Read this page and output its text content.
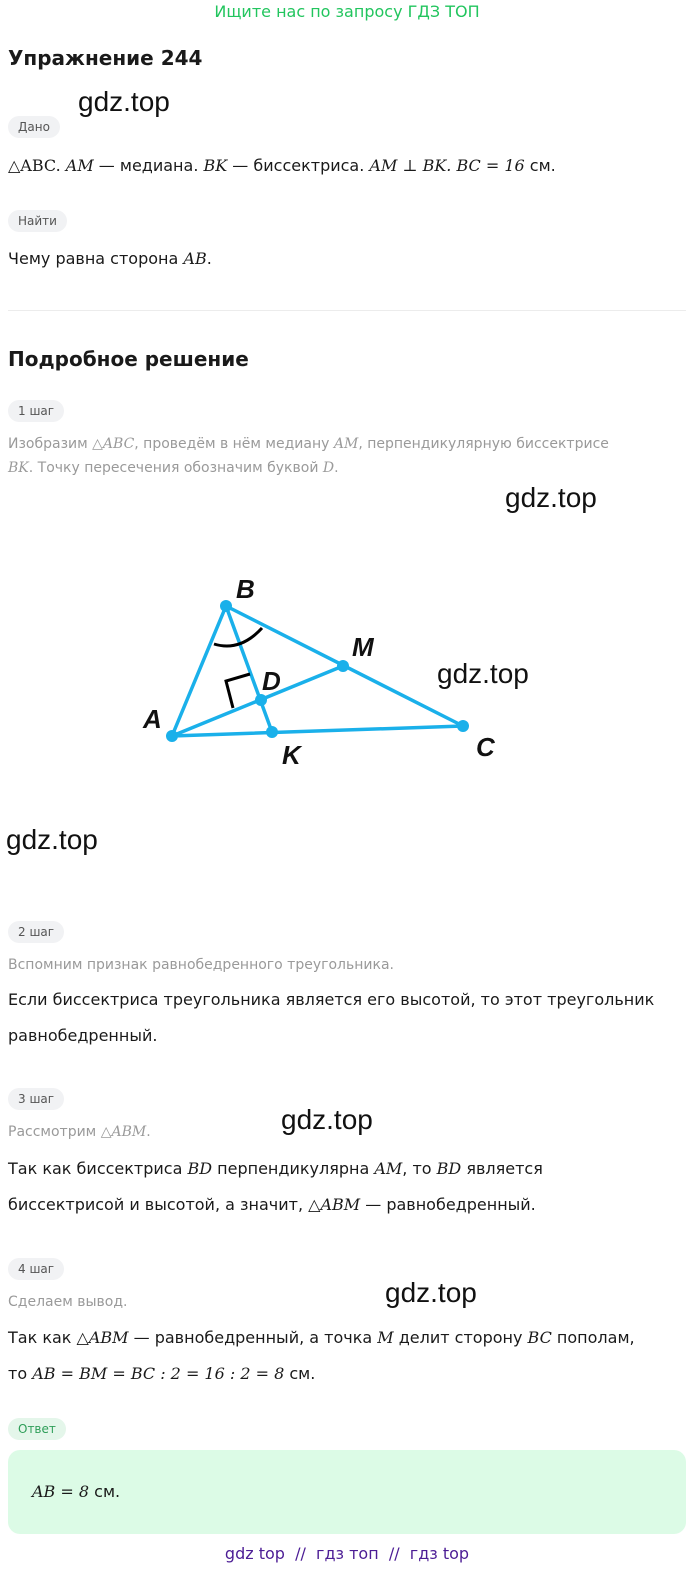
Ищите нас по запросу ГДЗ ТОП
Упражнение 244
gdz.top
gdz.top
gdz.top
gdz.top
gdz.top
gdz.top
Дано
△ABC. AM — медиана. BK — биссектриса. AM ⊥ BK. BC = 16 см.
Найти
Чему равна сторона AB.
Подробное решение
1 шаг
Изобразим △ABC, проведём в нём медиану AM, перпендикулярную биссектрисе
BK. Точку пересечения обозначим буквой D.
B
A
C
M
D
K
2 шаг
Вспомним признак равнобедренного треугольника.
Если биссектриса треугольника является его высотой, то этот треугольник
равнобедренный.
3 шаг
Рассмотрим △ABM.
Так как биссектриса BD перпендикулярна AM, то BD является
биссектрисой и высотой, а значит, △ABM — равнобедренный.
4 шаг
Сделаем вывод.
Так как △ABM — равнобедренный, а точка M делит сторону BC пополам,
то AB = BM = BC : 2 = 16 : 2 = 8 см.
Ответ
AB = 8 см.
gdz top  //  гдз топ  //  гдз top
